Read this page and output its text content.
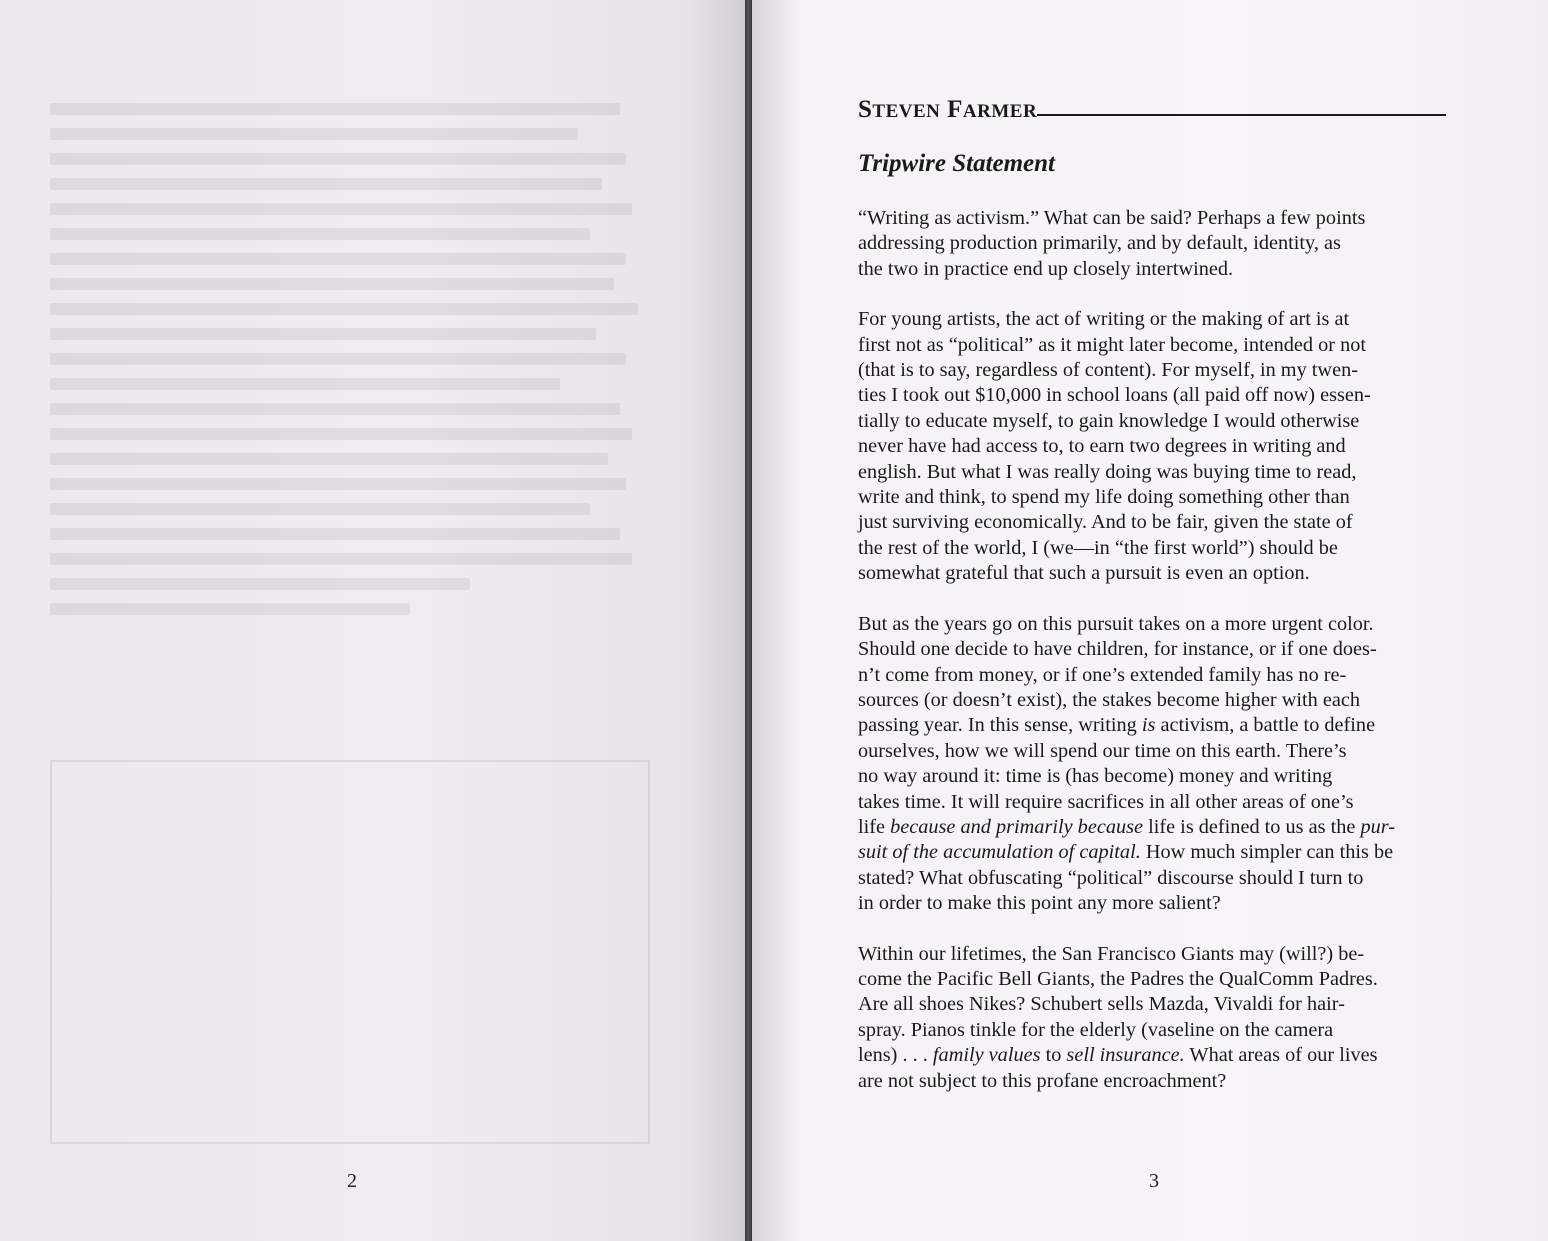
2	3
STEVEN FARMER
Tripwire Statement

“Writing as activism.” What can be said? Perhaps a few points
addressing production primarily, and by default, identity, as
the two in practice end up closely intertwined.

For young artists, the act of writing or the making of art is at
first not as “political” as it might later become, intended or not
(that is to say, regardless of content). For myself, in my twen-
ties I took out $10,000 in school loans (all paid off now) essen-
tially to educate myself, to gain knowledge I would otherwise
never have had access to, to earn two degrees in writing and
english. But what I was really doing was buying time to read,
write and think, to spend my life doing something other than
just surviving economically. And to be fair, given the state of
the rest of the world, I (we—in “the first world”) should be
somewhat grateful that such a pursuit is even an option.

But as the years go on this pursuit takes on a more urgent color.
Should one decide to have children, for instance, or if one does-
n’t come from money, or if one’s extended family has no re-
sources (or doesn’t exist), the stakes become higher with each
passing year. In this sense, writing is activism, a battle to define
ourselves, how we will spend our time on this earth. There’s
no way around it: time is (has become) money and writing
takes time. It will require sacrifices in all other areas of one’s
life because and primarily because life is defined to us as the pur-
suit of the accumulation of capital. How much simpler can this be
stated? What obfuscating “political” discourse should I turn to
in order to make this point any more salient?

Within our lifetimes, the San Francisco Giants may (will?) be-
come the Pacific Bell Giants, the Padres the QualComm Padres.
Are all shoes Nikes? Schubert sells Mazda, Vivaldi for hair-
spray. Pianos tinkle for the elderly (vaseline on the camera
lens) . . . family values to sell insurance. What areas of our lives
are not subject to this profane encroachment?
